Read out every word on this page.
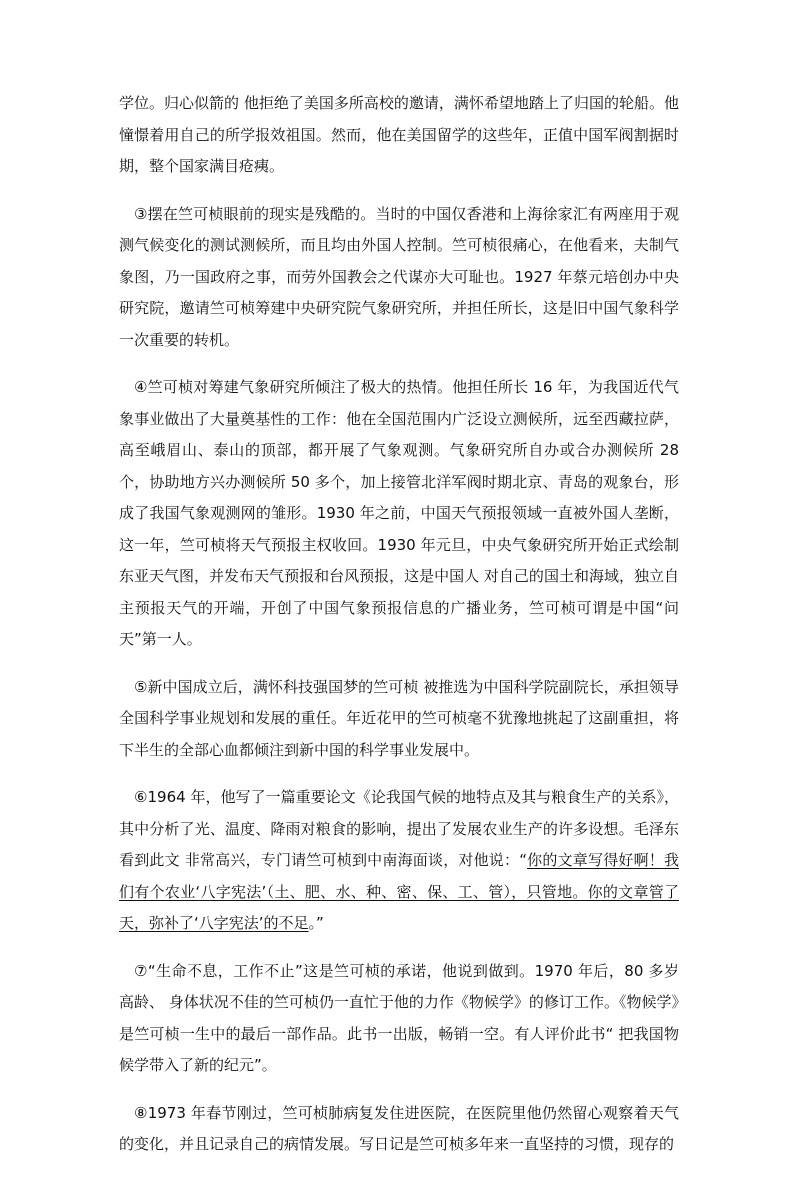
学位。归心似箭的 他拒绝了美国多所高校的邀请，满怀希望地踏上了归国的轮船。他憧憬着用自己的所学报效祖国。然而，他在美国留学的这些年，正值中国军阀割据时期，整个国家满目疮痍。

③摆在竺可桢眼前的现实是残酷的。当时的中国仅香港和上海徐家汇有两座用于观测气候变化的测试测候所，而且均由外国人控制。竺可桢很痛心，在他看来，夫制气象图，乃一国政府之事，而劳外国教会之代谋亦大可耻也。1927 年蔡元培创办中央研究院，邀请竺可桢筹建中央研究院气象研究所，并担任所长，这是旧中国气象科学一次重要的转机。

④竺可桢对筹建气象研究所倾注了极大的热情。他担任所长 16 年，为我国近代气象事业做出了大量奠基性的工作：他在全国范围内广泛设立测候所，远至西藏拉萨，高至峨眉山、泰山的顶部，都开展了气象观测。气象研究所自办或合办测候所 28 个，协助地方兴办测候所 50 多个，加上接管北洋军阀时期北京、青岛的观象台，形成了我国气象观测网的雏形。1930 年之前，中国天气预报领域一直被外国人垄断，这一年，竺可桢将天气预报主权收回。1930 年元旦，中央气象研究所开始正式绘制东亚天气图，并发布天气预报和台风预报，这是中国人 对自己的国土和海域，独立自主预报天气的开端，开创了中国气象预报信息的广播业务，竺可桢可谓是中国“问天”第一人。

⑤新中国成立后，满怀科技强国梦的竺可桢 被推选为中国科学院副院长，承担领导全国科学事业规划和发展的重任。年近花甲的竺可桢毫不犹豫地挑起了这副重担，将下半生的全部心血都倾注到新中国的科学事业发展中。

⑥1964 年，他写了一篇重要论文《论我国气候的地特点及其与粮食生产的关系》，其中分析了光、温度、降雨对粮食的影响，提出了发展农业生产的许多设想。毛泽东看到此文 非常高兴，专门请竺可桢到中南海面谈，对他说：“你的文章写得好啊！我们有个农业‘八字宪法’（土、肥、水、种、密、保、工、管），只管地。你的文章管了天，弥补了‘八字宪法’的不足。”

⑦“生命不息，工作不止”这是竺可桢的承诺，他说到做到。1970 年后，80 多岁高龄、 身体状况不佳的竺可桢仍一直忙于他的力作《物候学》的修订工作。《物候学》是竺可桢一生中的最后一部作品。此书一出版，畅销一空。有人评价此书“ 把我国物候学带入了新的纪元”。

⑧1973 年春节刚过，竺可桢肺病复发住进医院，在医院里他仍然留心观察着天气的变化，并且记录自己的病情发展。写日记是竺可桢多年来一直坚持的习惯，现存的
